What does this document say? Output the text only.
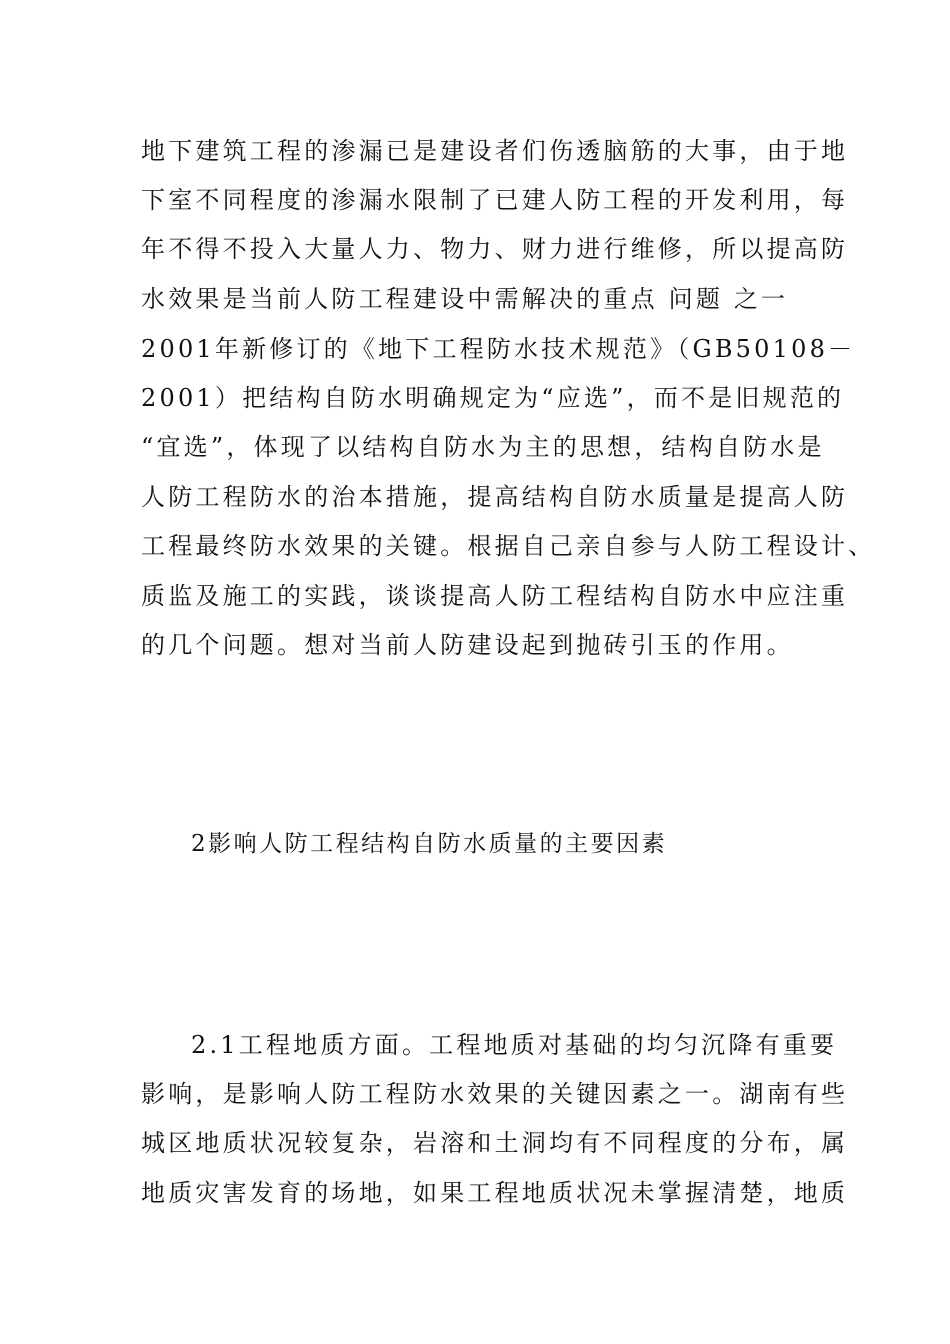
地下建筑工程的渗漏已是建设者们伤透脑筋的大事，由于地
下室不同程度的渗漏水限制了已建人防工程的开发利用，每
年不得不投入大量人力、物力、财力进行维修，所以提高防
水效果是当前人防工程建设中需解决的重点 问题 之一
2001年新修订的《地下工程防水技术规范》（GB50108－
2001）把结构自防水明确规定为“应选”，而不是旧规范的
“宜选”，体现了以结构自防水为主的思想，结构自防水是
人防工程防水的治本措施，提高结构自防水质量是提高人防
工程最终防水效果的关键。根据自己亲自参与人防工程设计、
质监及施工的实践，谈谈提高人防工程结构自防水中应注重
的几个问题。想对当前人防建设起到抛砖引玉的作用。
2影响人防工程结构自防水质量的主要因素
2.1工程地质方面。工程地质对基础的均匀沉降有重要
影响，是影响人防工程防水效果的关键因素之一。湖南有些
城区地质状况较复杂，岩溶和土洞均有不同程度的分布，属
地质灾害发育的场地，如果工程地质状况未掌握清楚，地质
